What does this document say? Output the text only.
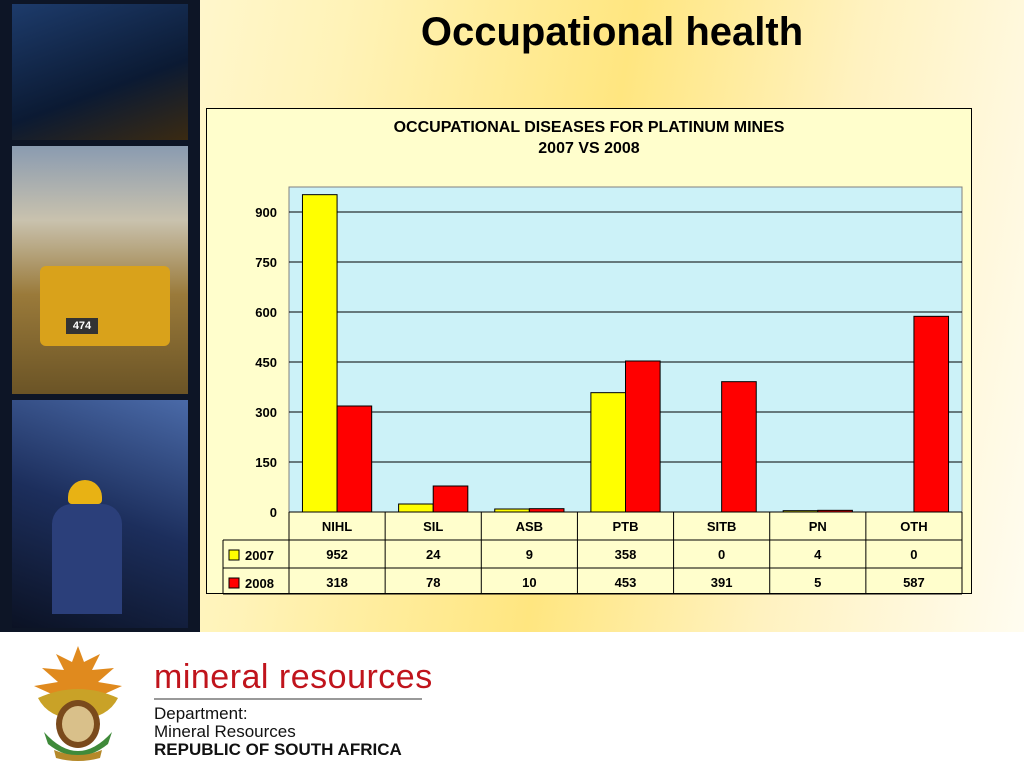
474
Occupational health
OCCUPATIONAL DISEASES FOR PLATINUM MINES
2007 VS 2008
0
150
300
450
600
750
900
NIHL	SIL	ASB	PTB	SITB	PN	OTH
2007	952	24	9	358	0	4	0
2008	318	78	10	453	391	5	587
mineral resources
Department:
Mineral Resources
REPUBLIC OF SOUTH AFRICA
